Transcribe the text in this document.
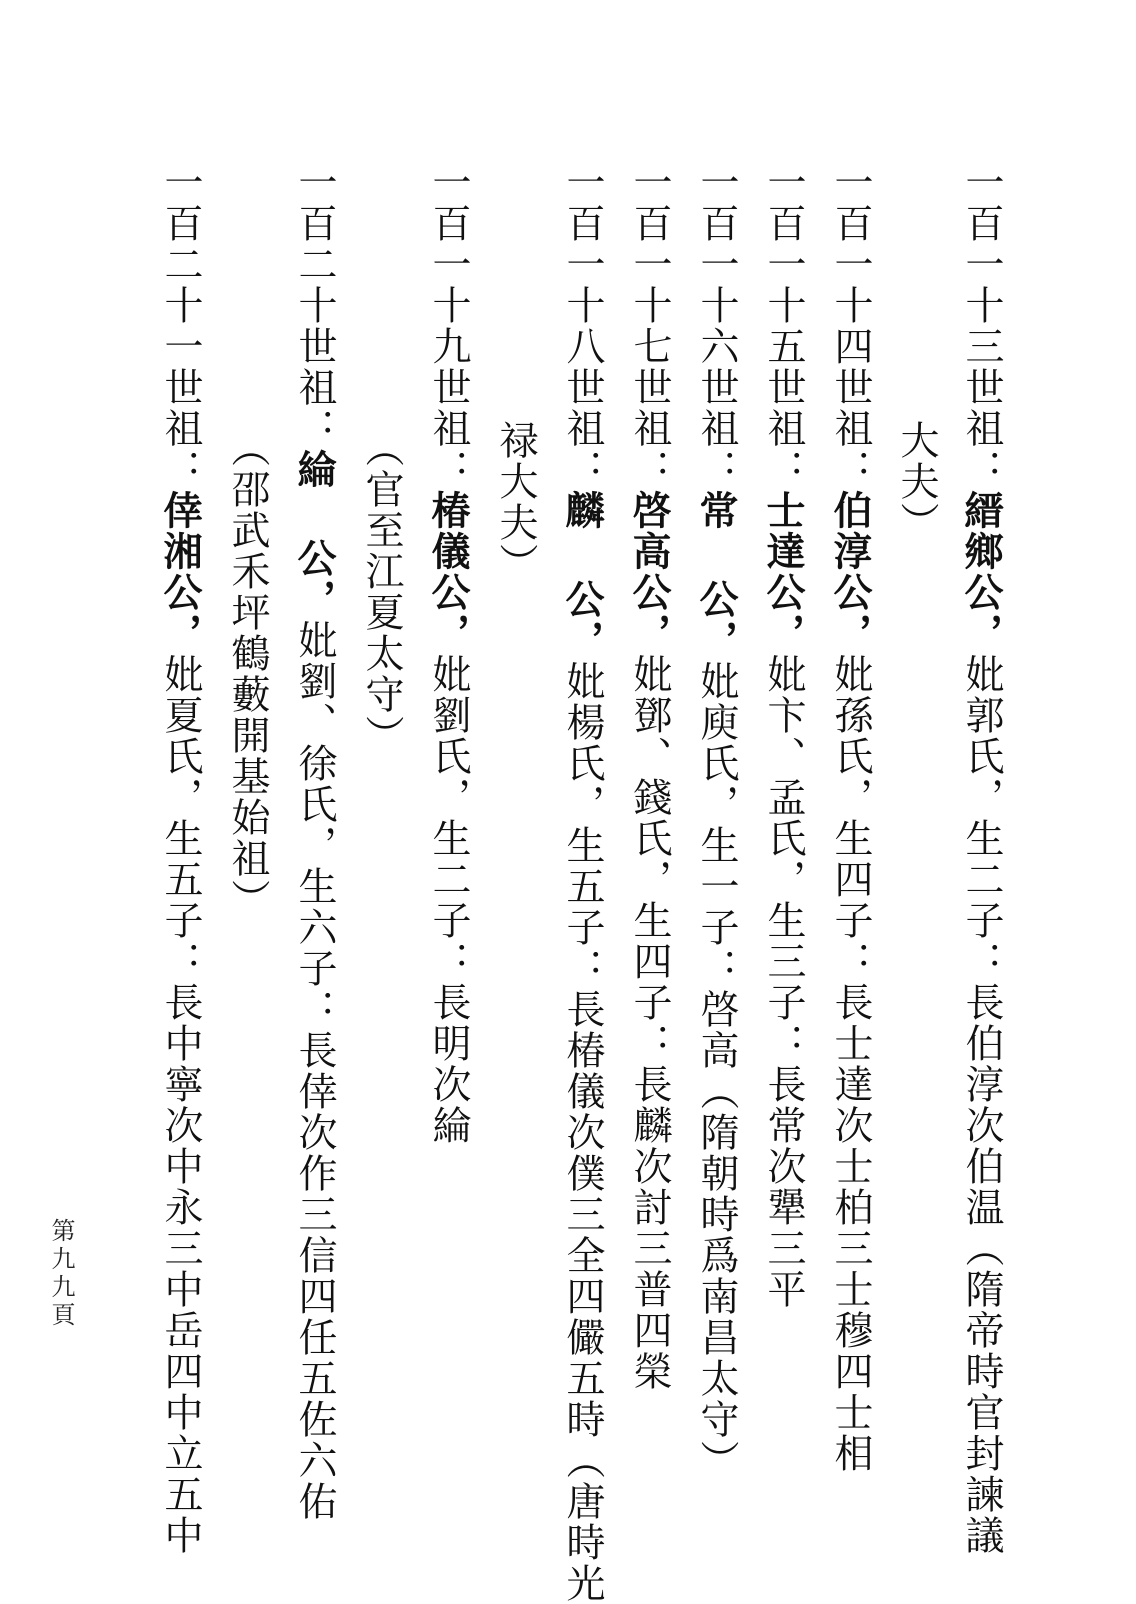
一百一十三世祖：縉鄉公，妣郭氏，生二子：長伯淳次伯温（隋帝時官封諫議
大夫）
一百一十四世祖：伯淳公，妣孫氏，生四子：長士達次士柏三士穆四士相
一百一十五世祖：士達公，妣卞、孟氏，生三子：長常次犟三平
一百一十六世祖：常 公，妣庾氏，生一子：啓高（隋朝時爲南昌太守）
一百一十七世祖：啓高公，妣鄧、錢氏，生四子：長麟次討三普四榮
一百一十八世祖：麟 公，妣楊氏，生五子：長椿儀次僕三全四儼五時（唐時光
禄大夫）
一百一十九世祖：椿儀公，妣劉氏，生二子：長明次綸
（官至江夏太守）
一百二十世祖：綸 公，妣劉、徐氏，生六子：長倖次作三信四任五佐六佑
（邵武禾坪鶴藪開基始祖）
一百二十一世祖：倖湘公，妣夏氏，生五子：長中寧次中永三中岳四中立五中
第九九頁
